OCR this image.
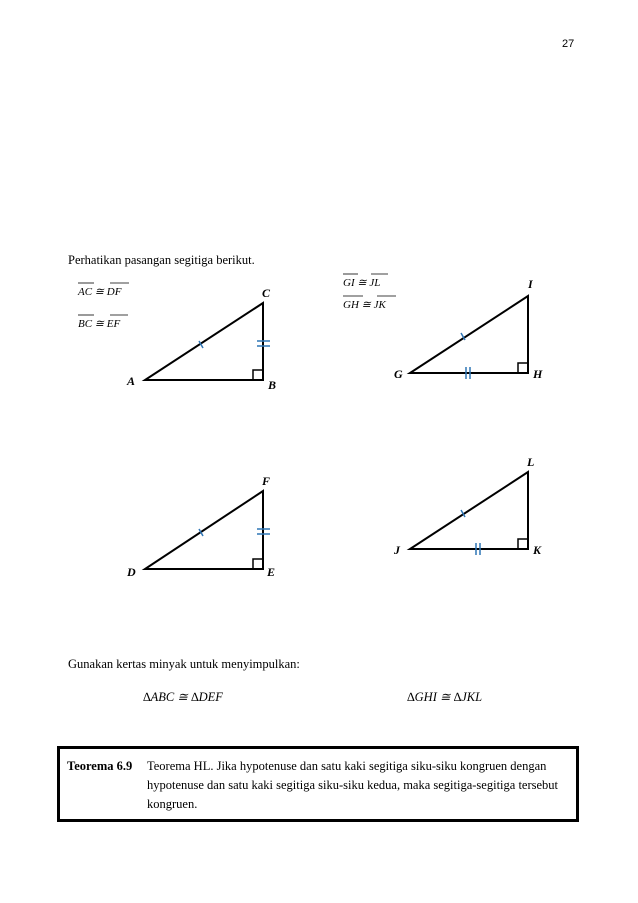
27
Perhatikan pasangan segitiga berikut.
AC ≅ DF
BC ≅ EF
GI ≅ JL
GH ≅ JK
A	B
C
D	E
F
G	H
I
J	K
L
Gunakan kertas minyak untuk menyimpulkan:
∆ABC ≅ ∆DEF	∆GHI ≅ ∆JKL
Teorema 6.9 Teorema HL. Jika hypotenuse dan satu kaki segitiga siku-siku kongruen dengan hypotenuse dan satu kaki segitiga siku-siku kedua, maka segitiga-segitiga tersebut kongruen.
